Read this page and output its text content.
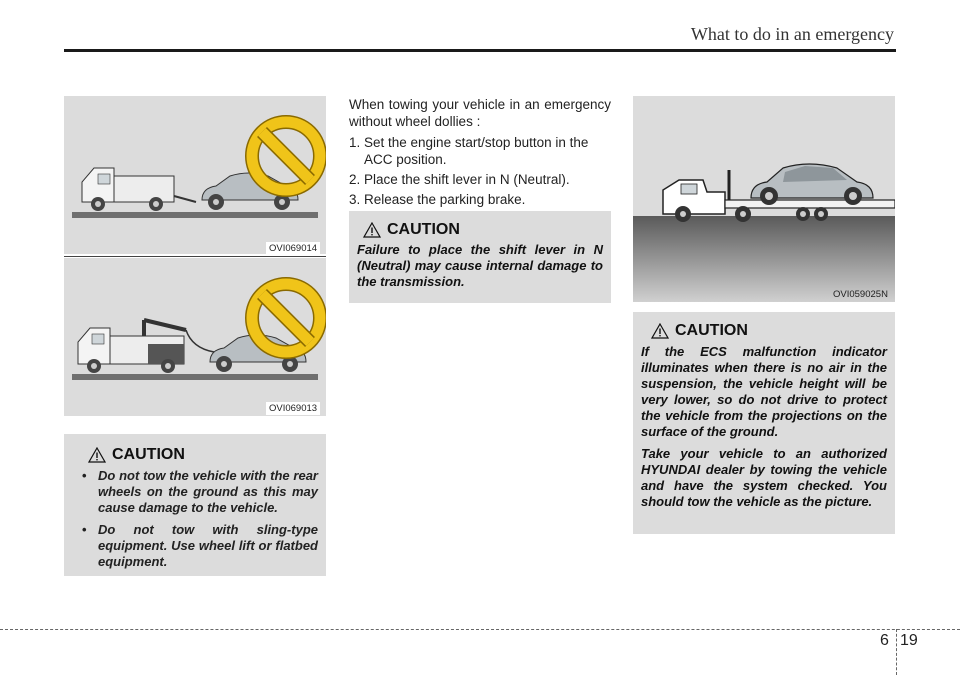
What to do in an emergency
OVI069014
OVI069013
CAUTION
• Do not tow the vehicle with the rear wheels on the ground as this may cause damage to the vehicle.
• Do not tow with sling-type equipment. Use wheel lift or flatbed equipment.

When towing your vehicle in an emergency without wheel dollies :

1. Set the engine start/stop button in the ACC position.
2. Place the shift lever in N (Neutral).
3. Release the parking brake.
CAUTION
Failure to place the shift lever in N (Neutral) may cause internal damage to the transmission.
OVI059025N
CAUTION

If the ECS malfunction indicator illuminates when there is no air in the suspension, the vehicle height will be very lower, so do not drive to protect the vehicle from the projections on the surface of the ground.

Take your vehicle to an authorized HYUNDAI dealer by towing the vehicle and have the system checked. You should tow the vehicle as the picture.

6 19
